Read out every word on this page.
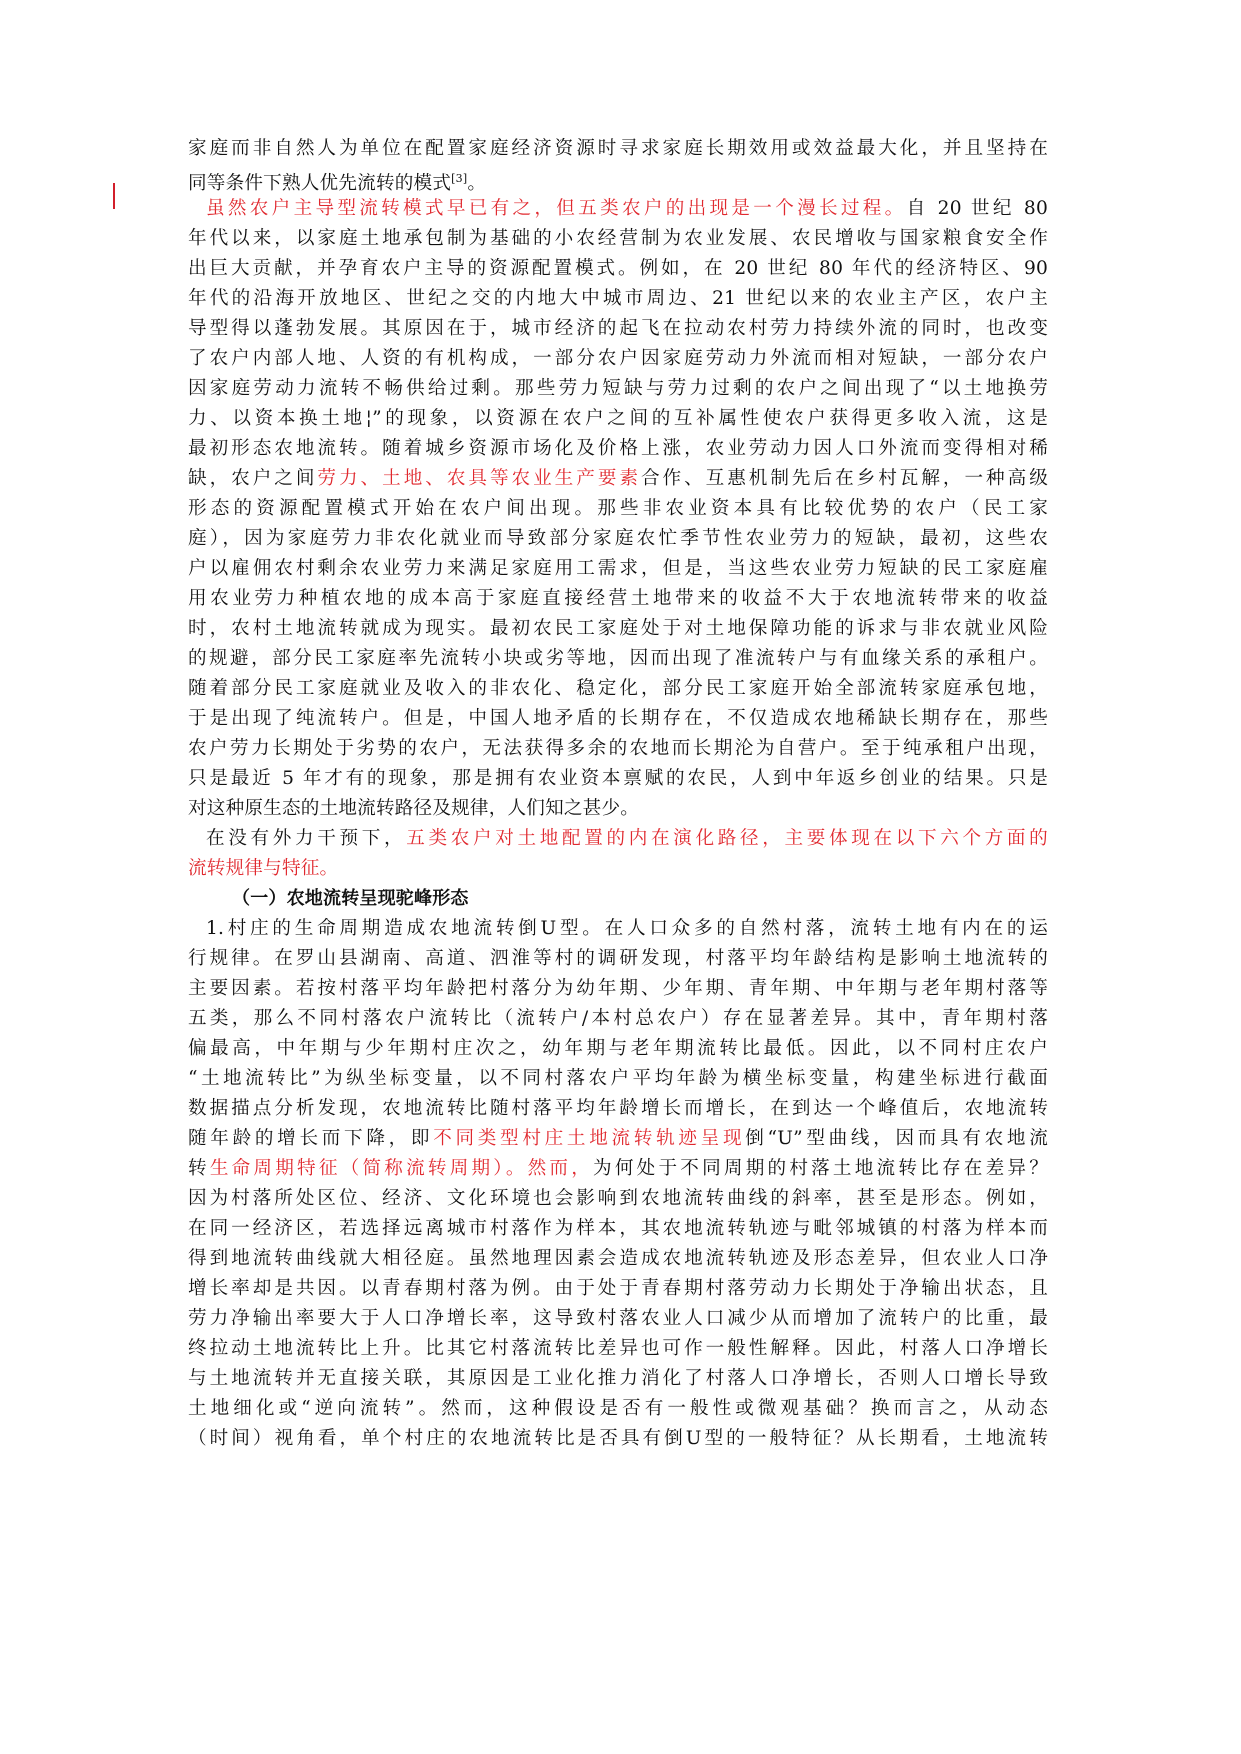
家庭而非自然人为单位在配置家庭经济资源时寻求家庭长期效用或效益最大化，并且坚持在
同等条件下熟人优先流转的模式[3]。
虽然农户主导型流转模式早已有之，但五类农户的出现是一个漫长过程。自 20 世纪 80
年代以来，以家庭土地承包制为基础的小农经营制为农业发展、农民增收与国家粮食安全作
出巨大贡献，并孕育农户主导的资源配置模式。例如，在 20 世纪 80 年代的经济特区、90
年代的沿海开放地区、世纪之交的内地大中城市周边、21 世纪以来的农业主产区，农户主
导型得以蓬勃发展。其原因在于，城市经济的起飞在拉动农村劳力持续外流的同时，也改变
了农户内部人地、人资的有机构成，一部分农户因家庭劳动力外流而相对短缺，一部分农户
因家庭劳动力流转不畅供给过剩。那些劳力短缺与劳力过剩的农户之间出现了“以土地换劳
力、以资本换土地¦”的现象，以资源在农户之间的互补属性使农户获得更多收入流，这是
最初形态农地流转。随着城乡资源市场化及价格上涨，农业劳动力因人口外流而变得相对稀
缺，农户之间劳力、土地、农具等农业生产要素合作、互惠机制先后在乡村瓦解，一种高级
形态的资源配置模式开始在农户间出现。那些非农业资本具有比较优势的农户（民工家
庭），因为家庭劳力非农化就业而导致部分家庭农忙季节性农业劳力的短缺，最初，这些农
户以雇佣农村剩余农业劳力来满足家庭用工需求，但是，当这些农业劳力短缺的民工家庭雇
用农业劳力种植农地的成本高于家庭直接经营土地带来的收益不大于农地流转带来的收益
时，农村土地流转就成为现实。最初农民工家庭处于对土地保障功能的诉求与非农就业风险
的规避，部分民工家庭率先流转小块或劣等地，因而出现了准流转户与有血缘关系的承租户。
随着部分民工家庭就业及收入的非农化、稳定化，部分民工家庭开始全部流转家庭承包地，
于是出现了纯流转户。但是，中国人地矛盾的长期存在，不仅造成农地稀缺长期存在，那些
农户劳力长期处于劣势的农户，无法获得多余的农地而长期沦为自营户。至于纯承租户出现，
只是最近 5 年才有的现象，那是拥有农业资本禀赋的农民，人到中年返乡创业的结果。只是
对这种原生态的土地流转路径及规律，人们知之甚少。
在没有外力干预下，五类农户对土地配置的内在演化路径，主要体现在以下六个方面的
流转规律与特征。
（一）农地流转呈现驼峰形态
1.村庄的生命周期造成农地流转倒U型。在人口众多的自然村落，流转土地有内在的运
行规律。在罗山县湖南、高道、泗淮等村的调研发现，村落平均年龄结构是影响土地流转的
主要因素。若按村落平均年龄把村落分为幼年期、少年期、青年期、中年期与老年期村落等
五类，那么不同村落农户流转比（流转户/本村总农户）存在显著差异。其中，青年期村落
偏最高，中年期与少年期村庄次之，幼年期与老年期流转比最低。因此，以不同村庄农户
“土地流转比”为纵坐标变量，以不同村落农户平均年龄为横坐标变量，构建坐标进行截面
数据描点分析发现，农地流转比随村落平均年龄增长而增长，在到达一个峰值后，农地流转
随年龄的增长而下降，即不同类型村庄土地流转轨迹呈现倒“U”型曲线，因而具有农地流
转生命周期特征（简称流转周期）。然而，为何处于不同周期的村落土地流转比存在差异？
因为村落所处区位、经济、文化环境也会影响到农地流转曲线的斜率，甚至是形态。例如，
在同一经济区，若选择远离城市村落作为样本，其农地流转轨迹与毗邻城镇的村落为样本而
得到地流转曲线就大相径庭。虽然地理因素会造成农地流转轨迹及形态差异，但农业人口净
增长率却是共因。以青春期村落为例。由于处于青春期村落劳动力长期处于净输出状态，且
劳力净输出率要大于人口净增长率，这导致村落农业人口减少从而增加了流转户的比重，最
终拉动土地流转比上升。比其它村落流转比差异也可作一般性解释。因此，村落人口净增长
与土地流转并无直接关联，其原因是工业化推力消化了村落人口净增长，否则人口增长导致
土地细化或“逆向流转”。然而，这种假设是否有一般性或微观基础？换而言之，从动态
（时间）视角看，单个村庄的农地流转比是否具有倒U型的一般特征？从长期看，土地流转
